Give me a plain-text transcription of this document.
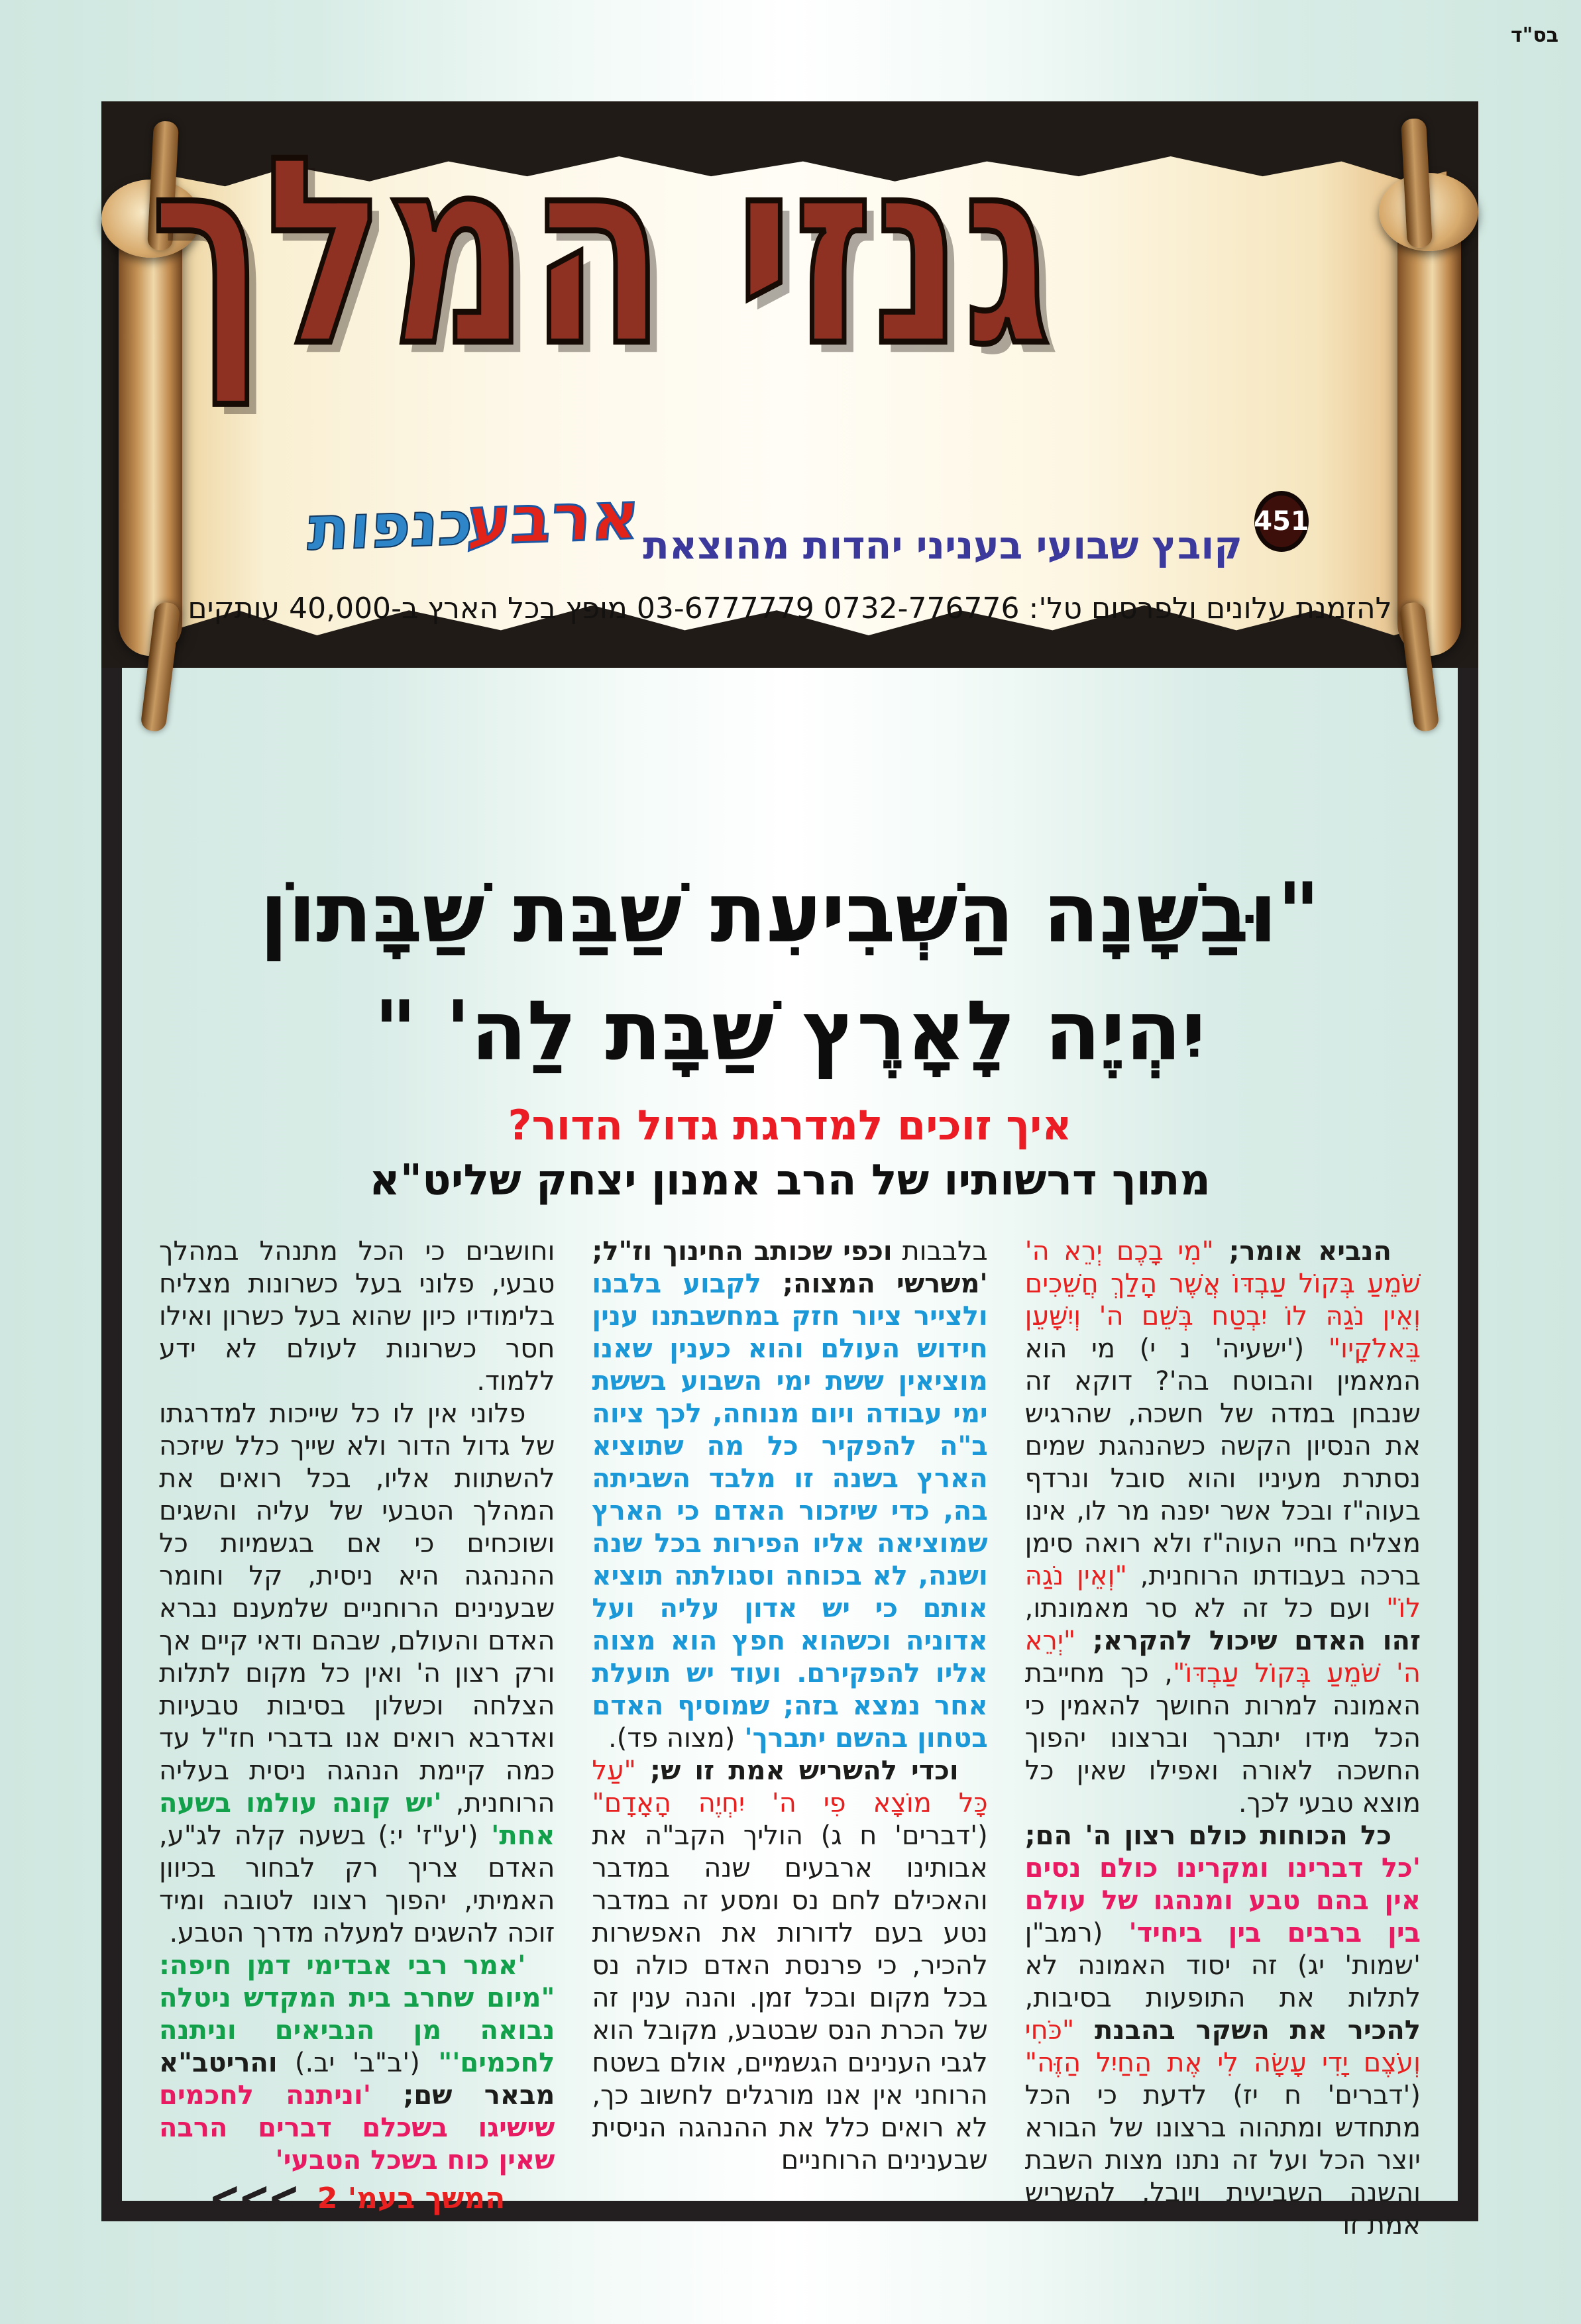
בס"ד
גנזי המלך
451
קובץ שבועי בעניני יהדות מהוצאת
ארבע כנפות
להזמנת עלונים ולפרסום טל': 0732-776776 03-6777779 מופץ בכל הארץ ב-40,000 עותקים
"וּבַשָּׁנָה הַשְּׁבִיעִת שַׁבַּת שַׁבָּתוֹן
יִהְיֶה לָאָרֶץ שַׁבָּת לַה' "
איך זוכים למדרגת גדול הדור?
מתוך דרשותיו של הרב אמנון יצחק שליט"א

הנביא אומר; "מִי בָכֶם יְרֵא ה' שֹׁמֵעַ בְּקוֹל עַבְדּוֹ אֲשֶׁר הָלַךְ חֲשֵׁכִים וְאֵין נֹגַהּ לוֹ יִבְטַח בְּשֵׁם ה' וְיִשָּׁעֵן בֵּאלֹקָיו" ('ישעיה' נ י) מי הוא המאמין והבוטח בה'? דוקא זה שנבחן במדה של חשכה, שהרגיש את הנסיון הקשה כשהנהגת שמים נסתרת מעיניו והוא סובל ונרדף בעוה"ז ובכל אשר יפנה מר לו, אינו מצליח בחיי העוה"ז ולא רואה סימן ברכה בעבודתו הרוחנית, "וְאֵין נֹגַהּ לוֹ" ועם כל זה לא סר מאמונתו, זהו האדם שיכול להקרא; "יְרֵא ה' שֹׁמֵעַ בְּקוֹל עַבְדּוֹ", כך מחייבת האמונה למרות החושך להאמין כי הכל מידו יתברך וברצונו יהפוך החשכה לאורה ואפילו שאין כל מוצא טבעי לכך.

כל הכוחות כולם רצון ה' הם; 'כל דברינו ומקרינו כולם נסים אין בהם טבע ומנהגו של עולם בין ברבים בין ביחיד' (רמב"ן 'שמות' יג) זה יסוד האמונה לא לתלות את התופעות בסיבות, להכיר את השקר בהבנת "כֹּחִי וְעֹצֶם יָדִי עָשָׂה לִי אֶת הַחַיִל הַזֶּה" ('דברים' ח יז) לדעת כי הכל מתחדש ומתהוה ברצונו של הבורא יוצר הכל ועל זה נתנו מצות השבת והשנה השביעית ויובל, להשריש אמת זו

בלבבות וכפי שכותב החינוך וז"ל; 'משרשי המצוה; לקבוע בלבנו ולצייר ציור חזק במחשבתנו ענין חידוש העולם והוא כענין שאנו מוציאין ששת ימי השבוע בששת ימי עבודה ויום מנוחה, לכך ציוה ב"ה להפקיר כל מה שתוציא הארץ בשנה זו מלבד השביתה בה, כדי שיזכור האדם כי הארץ שמוציאה אליו הפירות בכל שנה ושנה, לא בכוחה וסגולתה תוציא אותם כי יש אדון עליה ועל אדוניה וכשהוא חפץ הוא מצוה אליו להפקירם. ועוד יש תועלת אחר נמצא בזה; שמוסיף האדם בטחון בהשם יתברך' (מצוה פד).

וכדי להשריש אמת זו ש; "עַל כָּל מוֹצָא פִי ה' יִחְיֶה הָאָדָם" ('דברים' ח ג) הוליך הקב"ה את אבותינו ארבעים שנה במדבר והאכילם לחם נס ומסע זה במדבר נטע בעם לדורות את האפשרות להכיר, כי פרנסת האדם כולה נס בכל מקום ובכל זמן. והנה ענין זה של הכרת הנס שבטבע, מקובל הוא לגבי הענינים הגשמיים, אולם בשטח הרוחני אין אנו מורגלים לחשוב כך, לא רואים כלל את ההנהגה הניסית שבענינים הרוחניים

וחושבים כי הכל מתנהל במהלך טבעי, פלוני בעל כשרונות מצליח בלימודיו כיון שהוא בעל כשרון ואילו חסר כשרונות לעולם לא ידע ללמוד.

פלוני אין לו כל שייכות למדרגתו של גדול הדור ולא שייך כלל שיזכה להשתוות אליו, בכל רואים את המהלך הטבעי של עליה והשגים ושוכחים כי אם בגשמיות כל ההנהגה היא ניסית, קל וחומר שבענינים הרוחניים שלמענם נברא האדם והעולם, שבהם ודאי קיים אך ורק רצון ה' ואין כל מקום לתלות הצלחה וכשלון בסיבות טבעיות ואדרבא רואים אנו בדברי חז"ל עד כמה קיימת הנהגה ניסית בעליה הרוחנית, 'יש קונה עולמו בשעה אחת' ('ע"ז' י:) בשעה קלה לג"ע, האדם צריך רק לבחור בכיוון האמיתי, יהפוך רצונו לטובה ומיד זוכה להשגים למעלה מדרך הטבע.

'אמר רבי אבדימי דמן חיפה: "מיום שחרב בית המקדש ניטלה נבואה מן הנביאים וניתנה לחכמים'" ('ב"ב' יב.) והריטב"א מבאר שם; 'וניתנה לחכמים שישיגו בשכלם דברים הרבה שאין כוח בשכל הטבעי'

<<< המשך בעמ' 2
